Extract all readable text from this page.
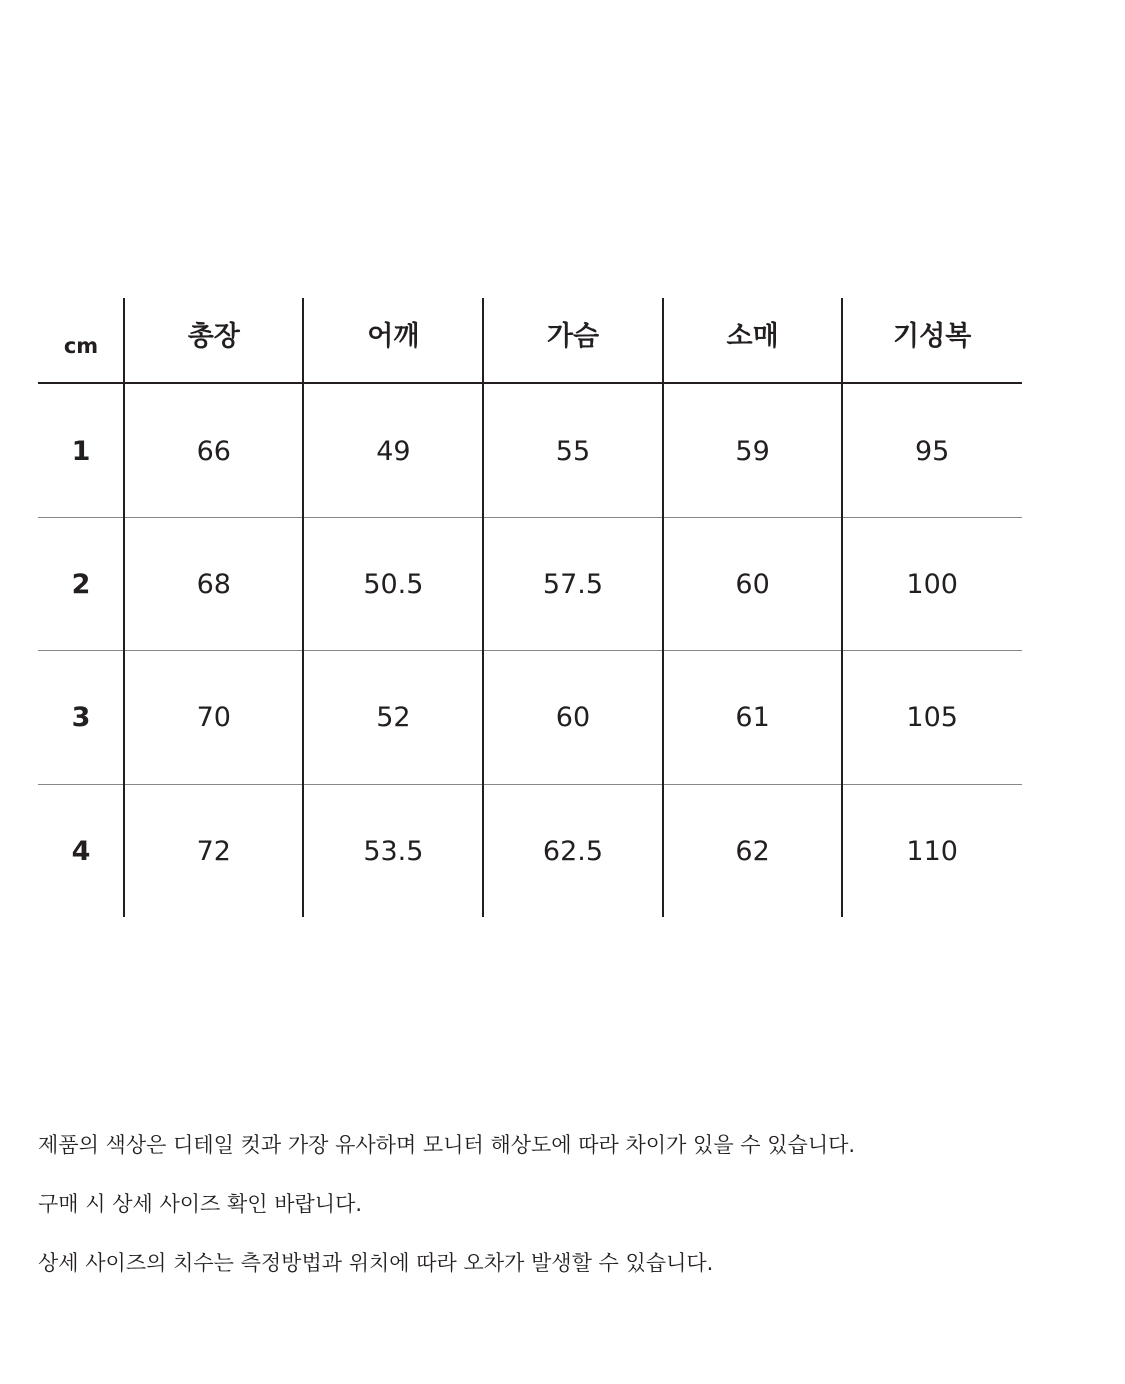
cm	총장	어깨	가슴	소매	기성복
1	66	49	55	59	95
2	68	50.5	57.5	60	100
3	70	52	60	61	105
4	72	53.5	62.5	62	110
제품의 색상은 디테일 컷과 가장 유사하며 모니터 해상도에 따라 차이가 있을 수 있습니다.
구매 시 상세 사이즈 확인 바랍니다.
상세 사이즈의 치수는 측정방법과 위치에 따라 오차가 발생할 수 있습니다.
